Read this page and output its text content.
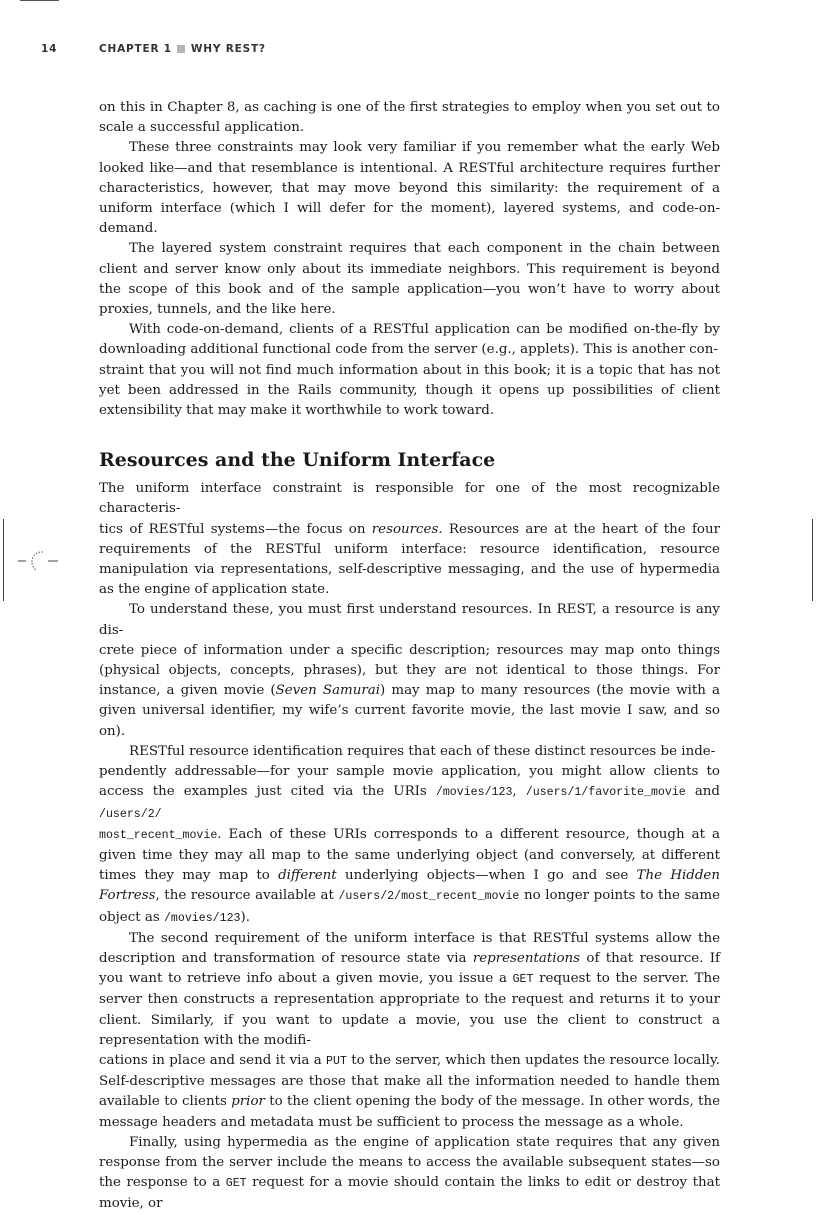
14	CHAPTER 1 WHY REST?

on this in Chapter 8, as caching is one of the first strategies to employ when you set out to scale a successful application.

These three constraints may look very familiar if you remember what the early Web looked like—and that resemblance is intentional. A RESTful architecture requires further characteristics, however, that may move beyond this similarity: the requirement of a uniform interface (which I will defer for the moment), layered systems, and code-on-demand.

The layered system constraint requires that each component in the chain between client and server know only about its immediate neighbors. This requirement is beyond the scope of this book and of the sample application—you won’t have to worry about proxies, tunnels, and the like here.

With code-on-demand, clients of a RESTful application can be modified on-the-fly by downloading additional functional code from the server (e.g., applets). This is another con-
straint that you will not find much information about in this book; it is a topic that has not yet been addressed in the Rails community, though it opens up possibilities of client extensibility that may make it worthwhile to work toward.

Resources and the Uniform Interface

The uniform interface constraint is responsible for one of the most recognizable characteris-
tics of RESTful systems—the focus on resources. Resources are at the heart of the four requirements of the RESTful uniform interface: resource identification, resource manipulation via representations, self-descriptive messaging, and the use of hypermedia as the engine of application state.

To understand these, you must first understand resources. In REST, a resource is any dis-
crete piece of information under a specific description; resources may map onto things (physical objects, concepts, phrases), but they are not identical to those things. For instance, a given movie (Seven Samurai) may map to many resources (the movie with a given universal identifier, my wife’s current favorite movie, the last movie I saw, and so on).

RESTful resource identification requires that each of these distinct resources be inde-
pendently addressable—for your sample movie application, you might allow clients to access the examples just cited via the URIs /movies/123, /users/1/favorite_movie and /users/2/
most_recent_movie. Each of these URIs corresponds to a different resource, though at a given time they may all map to the same underlying object (and conversely, at different times they may map to different underlying objects—when I go and see The Hidden Fortress, the resource available at /users/2/most_recent_movie no longer points to the same object as /movies/123).

The second requirement of the uniform interface is that RESTful systems allow the description and transformation of resource state via representations of that resource. If you want to retrieve info about a given movie, you issue a GET request to the server. The server then constructs a representation appropriate to the request and returns it to your client. Similarly, if you want to update a movie, you use the client to construct a representation with the modifi-
cations in place and send it via a PUT to the server, which then updates the resource locally. Self-descriptive messages are those that make all the information needed to handle them available to clients prior to the client opening the body of the message. In other words, the message headers and metadata must be sufficient to process the message as a whole.

Finally, using hypermedia as the engine of application state requires that any given response from the server include the means to access the available subsequent states—so the response to a GET request for a movie should contain the links to edit or destroy that movie, or
